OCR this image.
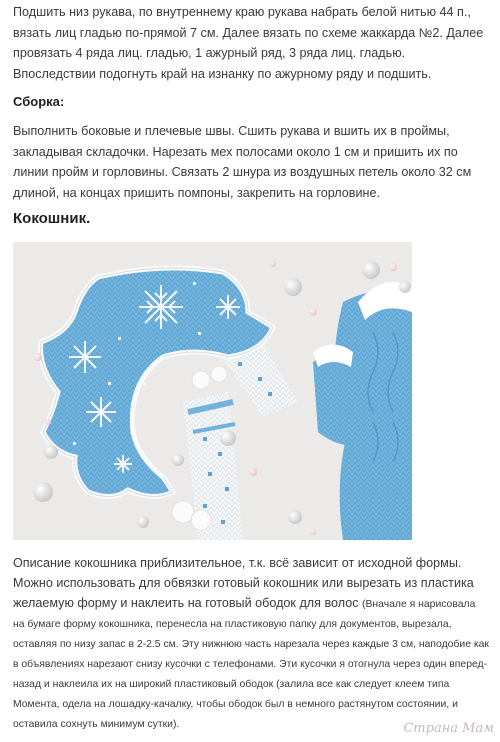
Подшить низ рукава, по внутреннему краю рукава набрать белой нитью 44 п., вязать лиц гладью по-прямой 7 см. Далее вязать по схеме жаккарда №2. Далее провязать 4 ряда лиц. гладью, 1 ажурный ряд, 3 ряда лиц. гладью. Впоследствии подогнуть край на изнанку по ажурному ряду и подшить.

Сборка:

Выполнить боковые и плечевые швы. Сшить рукава и вшить их в проймы, закладывая складочки. Нарезать мех полосами около 1 см и пришить их по линии пройм и горловины. Связать 2 шнура из воздушных петель около 32 см длиной, на концах пришить помпоны, закрепить на горловине.

Кокошник.

Описание кокошника приблизительное, т.к. всё зависит от исходной формы. Можно использовать для обвязки готовый кокошник или вырезать из пластика желаемую форму и наклеить на готовый ободок для волос (Вначале я нарисовала на бумаге форму кокошника, перенесла на пластиковую папку для документов, вырезала, оставляя по низу запас в 2-2.5 см. Эту нижнюю часть нарезала через каждые 3 см, наподобие как в объявлениях нарезают снизу кусочки с телефонами. Эти кусочки я отогнула через один вперед-назад и наклеила их на широкий пластиковый ободок (залила все как следует клеем типа Момента, одела на лошадку-качалку, чтобы ободок был в немного растянутом состоянии, и оставила сохнуть минимум сутки).	Страна Мам
